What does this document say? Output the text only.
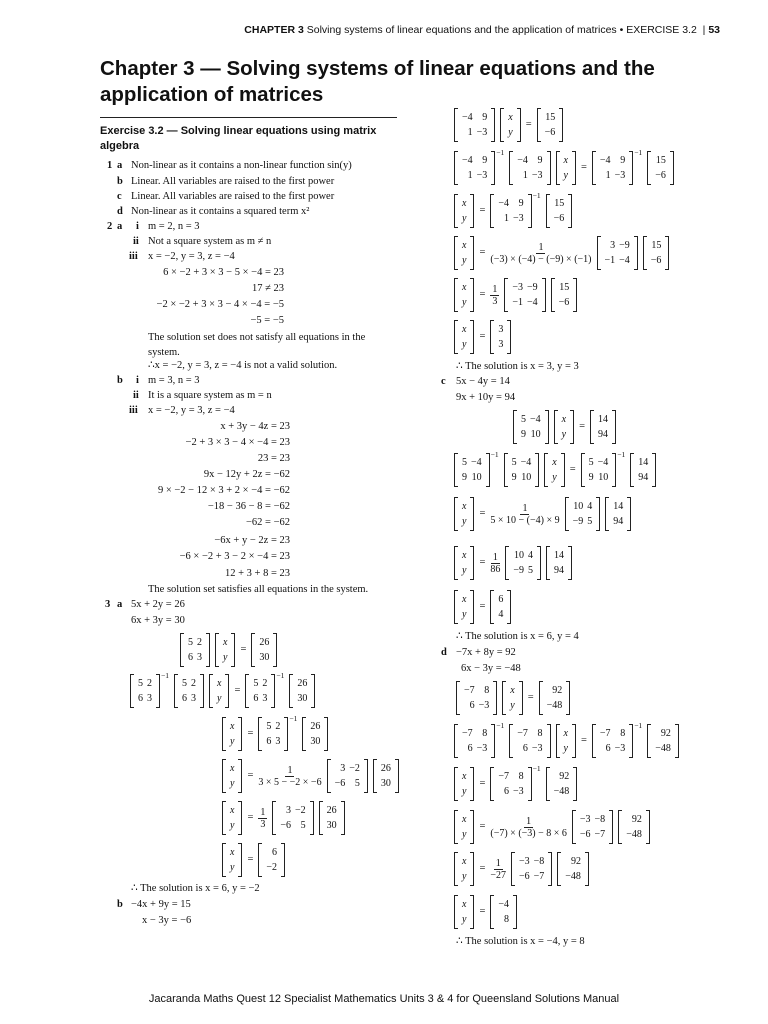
CHAPTER 3 Solving systems of linear equations and the application of matrices • EXERCISE 3.2 | 53
Chapter 3 — Solving systems of linear equations and the application of matrices
Exercise 3.2 — Solving linear equations using matrix algebra
1 a Non-linear as it contains a non-linear function sin(y)
b Linear. All variables are raised to the first power
c Linear. All variables are raised to the first power
d Non-linear as it contains a squared term x²
2 a i m = 2, n = 3
ii Not a square system as m ≠ n
iii x = −2, y = 3, z = −4
6 × −2 + 3 × 3 − 5 × −4 = 23
17 ≠ 23
−2 × −2 + 3 × 3 − 4 × −4 = −5
−5 = −5
The solution set does not satisfy all equations in the
system.
∴x = −2, y = 3, z = −4 is not a valid solution.
b i m = 3, n = 3
ii It is a square system as m = n
iii x = −2, y = 3, z = −4
x + 3y − 4z = 23
−2 + 3 × 3 − 4 × −4 = 23
23 = 23
9x − 12y + 2z = −62
9 × −2 − 12 × 3 + 2 × −4 = −62
−18 − 36 − 8 = −62
−62 = −62
−6x + y − 2z = 23
−6 × −2 + 3 − 2 × −4 = 23
12 + 3 + 8 = 23
The solution set satisfies all equations in the system.
3 a 5x + 2y = 26
6x + 3y = 30
5
6
2
3
x
y
=
26
30
5
6
2
3
−1
5
6
2
3
x
y
=
5
6
2
3
−1
26
30
x
y
=
5
6
2
3
−1
26
30
x
y
= $\frac{1}{3 \times 5 - -2 \times -6} 3$
−6
−2
5
26
30
x
y
= $\frac{1}{3} 3$
−6
−2
5
26
30
x
y
=
6
−2
∴ The solution is x = 6, y = −2
b −4x + 9y = 15
x − 3y = −6
−4
1
9
−3
x
y
=
15
−6
−4
1
9
−3
−1
−4
1
9
−3
x
y
=
−4
1
9
−3
−1
15
−6
x
y
=
−4
1
9
−3
−1
15
−6
x
y
= $\frac{1}{(-3) \times (-4) - (-9) \times (-1)} 3$
−1
−9
−4
15
−6
x
y
= $\frac{1}{3} -3$
−1
−9
−4
15
−6
x
y
=
3
3
∴ The solution is x = 3, y = 3
c 5x − 4y = 14
9x + 10y = 94
5
9
−4
10
x
y
=
14
94
5
9
−4
10
−1
5
9
−4
10
x
y
=
5
9
−4
10
−1
14
94
x
y
= $\frac{1}{5 \times 10 - (-4) \times 9} 10$
−9
4
5
14
94
x
y
= $\frac{1}{86} 10$
−9
4
5
14
94
x
y
=
6
4
∴ The solution is x = 6, y = 4
d −7x + 8y = 92
6x − 3y = −48
−7
6
8
−3
x
y
=
92
−48
−7
6
8
−3
−1
−7
6
8
−3
x
y
=
−7
6
8
−3
−1
92
−48
x
y
=
−7
6
8
−3
−1
92
−48
x
y
= $\frac{1}{(-7) \times (-3) - 8 \times 6} -3$
−6
−8
−7
92
−48
x
y
= $\frac{1}{-27} -3$
−6
−8
−7
92
−48
x
y
=
−4
8
∴ The solution is x = −4, y = 8
Jacaranda Maths Quest 12 Specialist Mathematics Units 3 & 4 for Queensland Solutions Manual
